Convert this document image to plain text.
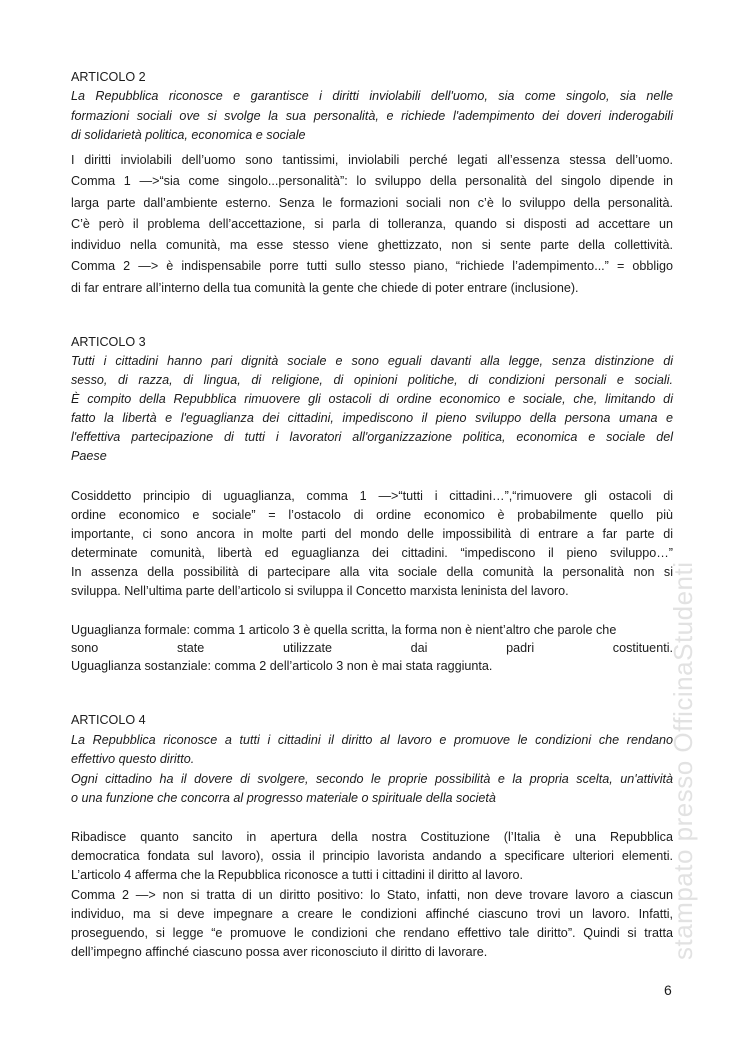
stampato presso OfficinaStudenti
ARTICOLO 2
La Repubblica riconosce e garantisce i diritti inviolabili dell'uomo, sia come singolo, sia nelle
formazioni sociali ove si svolge la sua personalità, e richiede l'adempimento dei doveri inderogabili
di solidarietà politica, economica e sociale
I diritti inviolabili dell’uomo sono tantissimi, inviolabili perché legati all’essenza stessa dell’uomo.
Comma 1 —>“sia come singolo...personalità”: lo sviluppo della personalità del singolo dipende in
larga parte dall’ambiente esterno. Senza le formazioni sociali non c’è lo sviluppo della personalità.
C’è però il problema dell’accettazione, si parla di tolleranza, quando si disposti ad accettare un
individuo nella comunità, ma esse stesso viene ghettizzato, non si sente parte della collettività.
Comma 2 —> è indispensabile porre tutti sullo stesso piano, “richiede l’adempimento...” = obbligo
di far entrare all’interno della tua comunità la gente che chiede di poter entrare (inclusione).
ARTICOLO 3
Tutti i cittadini hanno pari dignità sociale e sono eguali davanti alla legge, senza distinzione di
sesso, di razza, di lingua, di religione, di opinioni politiche, di condizioni personali e sociali.
È compito della Repubblica rimuovere gli ostacoli di ordine economico e sociale, che, limitando di
fatto la libertà e l'eguaglianza dei cittadini, impediscono il pieno sviluppo della persona umana e
l'effettiva partecipazione di tutti i lavoratori all'organizzazione politica, economica e sociale del
Paese
Cosiddetto principio di uguaglianza, comma 1 —>“tutti i cittadini…”,“rimuovere gli ostacoli di
ordine economico e sociale” = l’ostacolo di ordine economico è probabilmente quello più
importante, ci sono ancora in molte parti del mondo delle impossibilità di entrare a far parte di
determinate comunità, libertà ed eguaglianza dei cittadini. “impediscono il pieno sviluppo…”
In assenza della possibilità di partecipare alla vita sociale della comunità la personalità non si
sviluppa. Nell’ultima parte dell’articolo si sviluppa il Concetto marxista leninista del lavoro.
Uguaglianza formale: comma 1 articolo 3 è quella scritta, la forma non è nient’altro che parole che
sono state utilizzate dai padri costituenti.
Uguaglianza sostanziale: comma 2 dell’articolo 3 non è mai stata raggiunta.
ARTICOLO 4
La Repubblica riconosce a tutti i cittadini il diritto al lavoro e promuove le condizioni che rendano
effettivo questo diritto.
Ogni cittadino ha il dovere di svolgere, secondo le proprie possibilità e la propria scelta, un'attività
o una funzione che concorra al progresso materiale o spirituale della società
Ribadisce quanto sancito in apertura della nostra Costituzione (l’Italia è una Repubblica
democratica fondata sul lavoro), ossia il principio lavorista andando a specificare ulteriori elementi.
L’articolo 4 afferma che la Repubblica riconosce a tutti i cittadini il diritto al lavoro.
Comma 2 —> non si tratta di un diritto positivo: lo Stato, infatti, non deve trovare lavoro a ciascun
individuo, ma si deve impegnare a creare le condizioni affinché ciascuno trovi un lavoro. Infatti,
proseguendo, si legge “e promuove le condizioni che rendano effettivo tale diritto”. Quindi si tratta
dell’impegno affinché ciascuno possa aver riconosciuto il diritto di lavorare.
6
